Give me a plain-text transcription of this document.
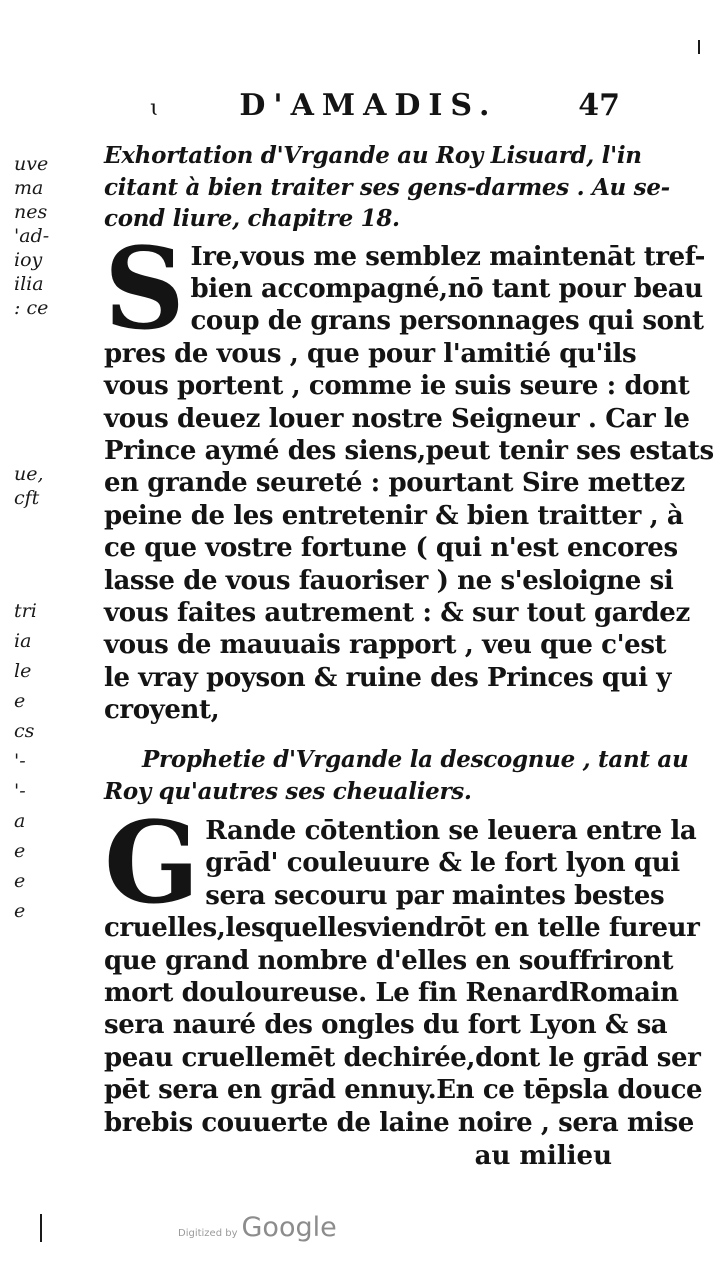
ɩ	D'AMADIS.	47
uve
ma
nes
'ad-
ioy
ilia
: ce
ue,
cft
tri
ia
le
e
cs
'-
'-
a
e
e
e

Exhortation d'Vrgande au Roy Lisuard, l'in
citant à bien traiter ses gens-darmes . Au se-
cond liure, chapitre 18.

S Ire,vous me semblez maintenāt tref-
bien accompagné,nō tant pour beau
coup de grans personnages qui sont
pres de vous , que pour l'amitié qu'ils
vous portent , comme ie suis seure : dont
vous deuez louer nostre Seigneur . Car le
Prince aymé des siens,peut tenir ses estats
en grande seureté : pourtant Sire mettez
peine de les entretenir & bien traitter , à
ce que vostre fortune ( qui n'est encores
lasse de vous fauoriser ) ne s'esloigne si
vous faites autrement : & sur tout gardez
vous de mauuais rapport , veu que c'est
le vray poyson & ruine des Princes qui y
croyent,

Prophetie d'Vrgande la descognue , tant au
Roy qu'autres ses cheualiers.

G Rande cōtention se leuera entre la
grād' couleuure & le fort lyon qui
sera secouru par maintes bestes
cruelles,lesquellesviendrōt en telle fureur
que grand nombre d'elles en souffriront
mort douloureuse. Le fin RenardRomain
sera nauré des ongles du fort Lyon & sa
peau cruellemēt dechirée,dont le grād ser
pēt sera en grād ennuy.En ce tēpsla douce
brebis couuerte de laine noire , sera mise
au milieu
Digitized by Google
